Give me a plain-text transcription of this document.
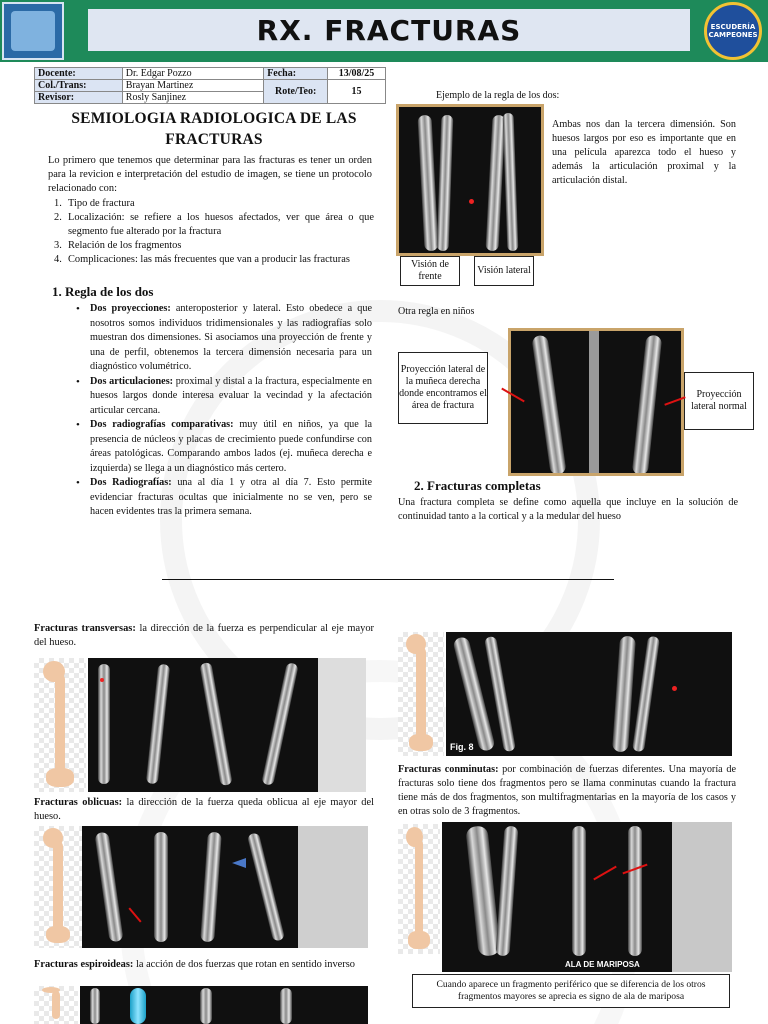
RX. FRACTURAS	ESCUDERÍA CAMPEONES
Docente:	Dr. Edgar Pozzo	Fecha:	13/08/25
Col./Trans:	Brayan Martinez	Rote/Teo:	15
Revisor:	Rosly Sanjinez		
SEMIOLOGIA RADIOLOGICA DE LAS
FRACTURAS
Lo primero que tenemos que determinar para las fracturas es tener un orden para la revicion e interpretación del estudio de imagen, se tiene un protocolo relacionado con:
1. Tipo de fractura
2. Localización: se refiere a los huesos afectados, ver que área o que segmento fue alterado por la fractura
3. Relación de los fragmentos
4. Complicaciones: las más frecuentes que van a producir las fracturas
1. Regla de los dos
• Dos proyecciones: anteroposterior y lateral. Esto obedece a que nosotros somos individuos tridimensionales y las radiografías solo muestran dos dimensiones. Si asociamos una proyección de frente y una de perfil, obtenemos la tercera dimensión necesaria para un diagnóstico volumétrico.
• Dos articulaciones: proximal y distal a la fractura, especialmente en huesos largos donde interesa evaluar la vecindad y la afectación articular cercana.
• Dos radiografías comparativas: muy útil en niños, ya que la presencia de núcleos y placas de crecimiento puede confundirse con áreas patológicas. Comparando ambos lados (ej. muñeca derecha e izquierda) se llega a un diagnóstico más certero.
• Dos Radiografías: una al día 1 y otra al día 7. Esto permite evidenciar fracturas ocultas que inicialmente no se ven, pero se hacen evidentes tras la primera semana.
Ejemplo de la regla de los dos:
Visión de frente
Visión lateral
Ambas nos dan la tercera dimensión. Son huesos largos por eso es importante que en una película aparezca todo el hueso y además la articulación proximal y la articulación distal.
Otra regla en niños
Proyección lateral de la muñeca derecha donde encontramos el área de fractura
Proyección lateral normal
2. Fracturas completas
Una fractura completa se define como aquella que incluye en la solución de continuidad tanto a la cortical y a la medular del hueso
Fracturas transversas: la dirección de la fuerza es perpendicular al eje mayor del hueso.
Fracturas oblicuas: la dirección de la fuerza queda oblicua al eje mayor del hueso.
Fracturas espiroideas: la acción de dos fuerzas que rotan en sentido inverso
Fig. 8
Fracturas conminutas: por combinación de fuerzas diferentes. Una mayoría de fracturas solo tiene dos fragmentos pero se llama conminutas cuando la fractura tiene más de dos fragmentos, son multifragmentarias en la mayoría de los casos y en otras solo de 3 fragmentos.
ALA DE MARIPOSA
Cuando aparece un fragmento periférico que se diferencia de los otros fragmentos mayores se aprecia es signo de ala de mariposa
